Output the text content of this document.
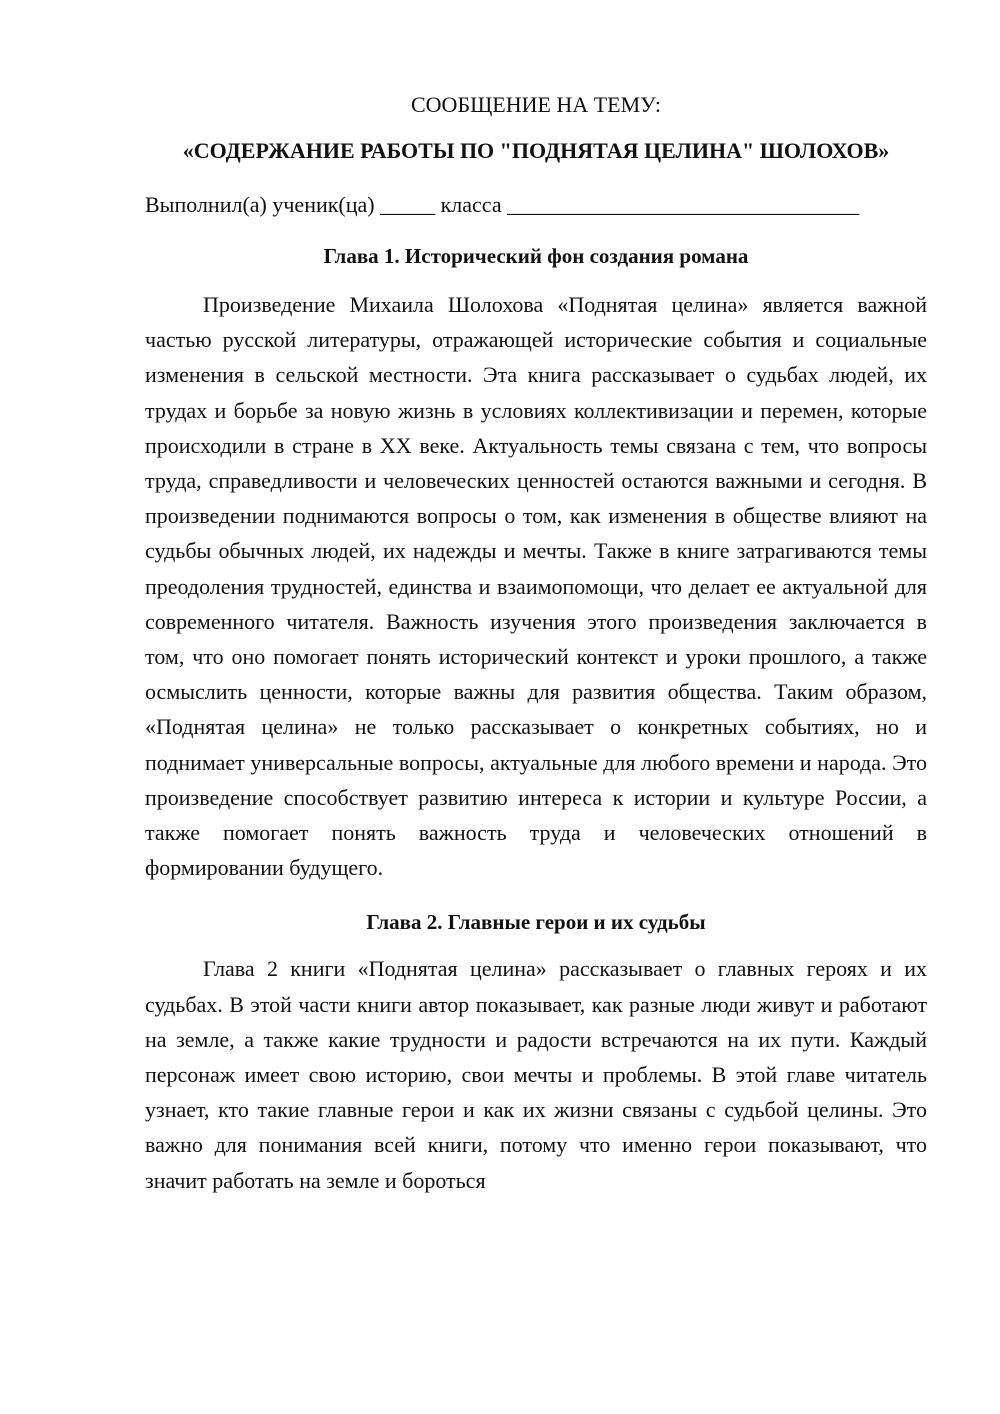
СООБЩЕНИЕ НА ТЕМУ:

«СОДЕРЖАНИЕ РАБОТЫ ПО "ПОДНЯТАЯ ЦЕЛИНА" ШОЛОХОВ»

Выполнил(а) ученик(ца) _____ класса ________________________________

Глава 1. Исторический фон создания романа

Произведение Михаила Шолохова «Поднятая целина» является важной частью русской литературы, отражающей исторические события и социальные изменения в сельской местности. Эта книга рассказывает о судьбах людей, их трудах и борьбе за новую жизнь в условиях коллективизации и перемен, которые происходили в стране в XX веке. Актуальность темы связана с тем, что вопросы труда, справедливости и человеческих ценностей остаются важными и сегодня. В произведении поднимаются вопросы о том, как изменения в обществе влияют на судьбы обычных людей, их надежды и мечты. Также в книге затрагиваются темы преодоления трудностей, единства и взаимопомощи, что делает ее актуальной для современного читателя. Важность изучения этого произведения заключается в том, что оно помогает понять исторический контекст и уроки прошлого, а также осмыслить ценности, которые важны для развития общества. Таким образом, «Поднятая целина» не только рассказывает о конкретных событиях, но и поднимает универсальные вопросы, актуальные для любого времени и народа. Это произведение способствует развитию интереса к истории и культуре России, а также помогает понять важность труда и человеческих отношений в формировании будущего.

Глава 2. Главные герои и их судьбы

Глава 2 книги «Поднятая целина» рассказывает о главных героях и их судьбах. В этой части книги автор показывает, как разные люди живут и работают на земле, а также какие трудности и радости встречаются на их пути. Каждый персонаж имеет свою историю, свои мечты и проблемы. В этой главе читатель узнает, кто такие главные герои и как их жизни связаны с судьбой целины. Это важно для понимания всей книги, потому что именно герои показывают, что значит работать на земле и бороться
